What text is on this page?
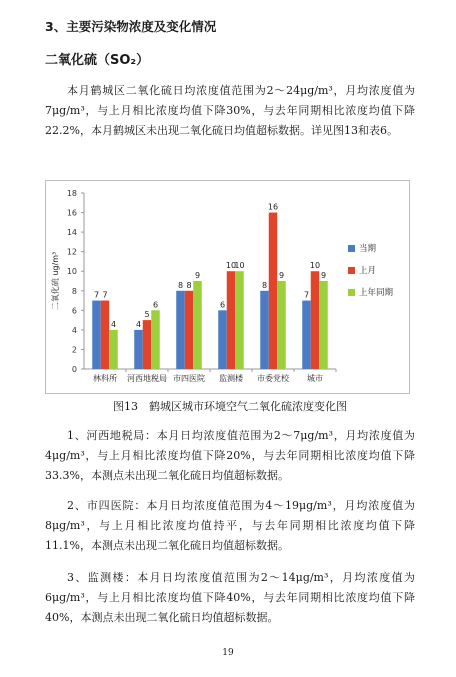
3、主要污染物浓度及变化情况
二氧化硫（SO₂）

本月鹤城区二氧化硫日均浓度值范围为2～24μg/m³，月均浓度值为7μg/m³，与上月相比浓度均值下降30%，与去年同期相比浓度均值下降22.2%，本月鹤城区未出现二氧化硫日均值超标数据。详见图13和表6。

0
2
4
6
8
10
12
14
16
18
二氧化硫 ug/m³	7 7
4
林科所
4
5
6
河西地税局
8 8
9
市四医院
6
10
10
监测楼
8
16
9
市委党校
7
10
9
城市
当期
上月
上年同期
图13　鹤城区城市环境空气二氧化硫浓度变化图

1、河西地税局：本月日均浓度值范围为2～7μg/m³，月均浓度值为4μg/m³，与上月相比浓度均值下降20%，与去年同期相比浓度均值下降33.3%，本测点未出现二氧化硫日均值超标数据。

2、市四医院：本月日均浓度值范围为4～19μg/m³，月均浓度值为8μg/m³，与上月相比浓度均值持平，与去年同期相比浓度均值下降11.1%，本测点未出现二氧化硫日均值超标数据。

3、监测楼：本月日均浓度值范围为2～14μg/m³，月均浓度值为6μg/m³，与上月相比浓度均值下降40%，与去年同期相比浓度均值下降40%，本测点未出现二氧化硫日均值超标数据。

19
